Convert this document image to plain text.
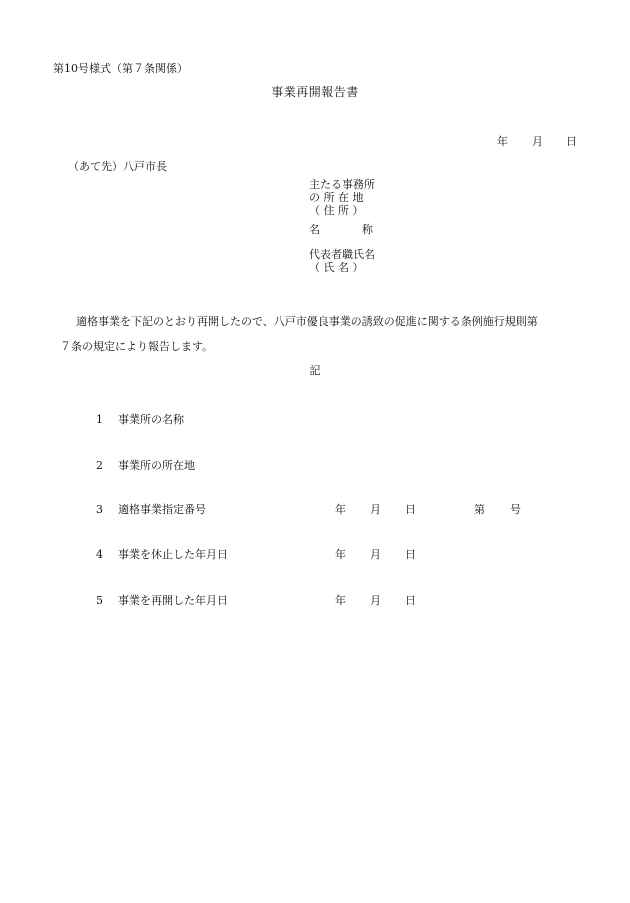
第10号様式（第７条関係）
事業再開報告書
年 月 日
（あて先）八戸市長
主たる事務所
の 所 在 地
（ 住 所 ）
名	称
代表者職氏名
（ 氏 名 ）
適格事業を下記のとおり再開したので、八戸市優良事業の誘致の促進に関する条例施行規則第
７条の規定により報告します。
記
1 事業所の名称
2 事業所の所在地
3 適格事業指定番号	年 月 日	第 号
4 事業を休止した年月日	年 月 日
5 事業を再開した年月日	年 月 日
